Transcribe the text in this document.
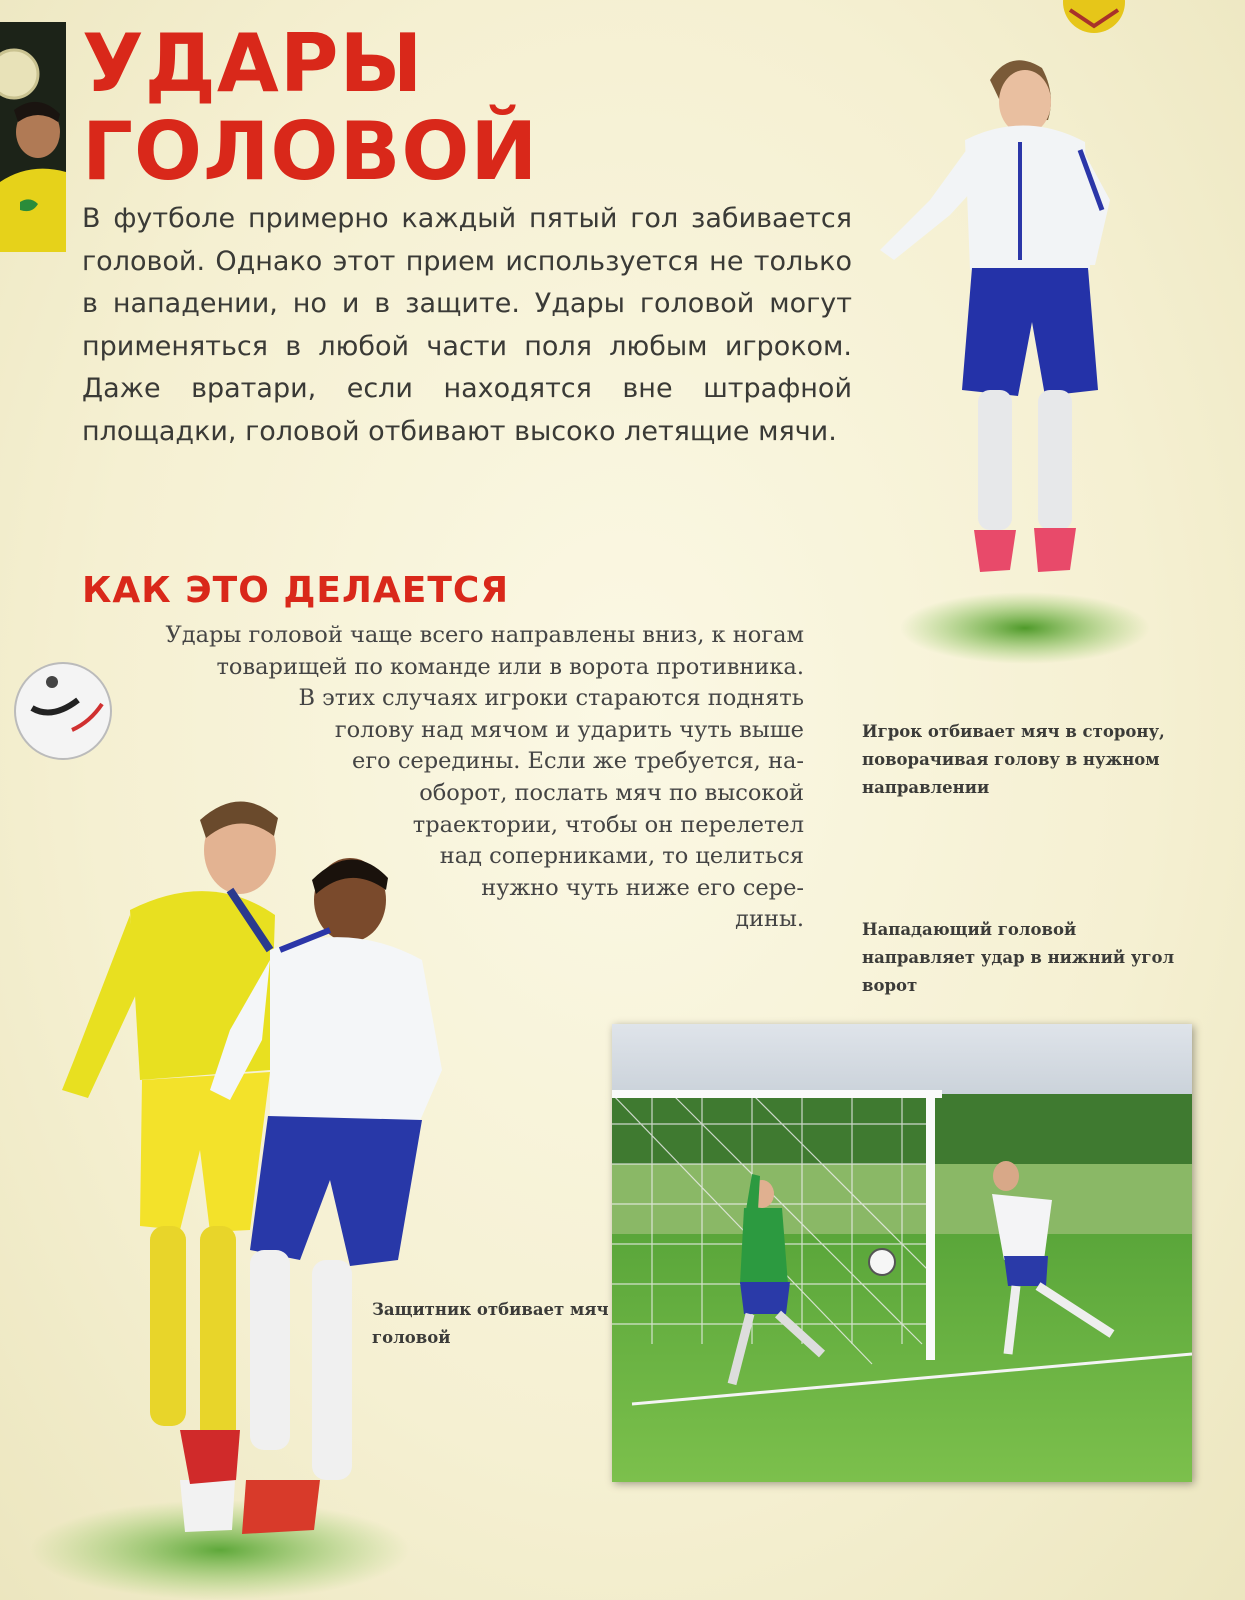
УДАРЫ
ГОЛОВОЙ

В футболе примерно каждый пятый гол забивается головой. Однако этот прием используется не только в нападении, но и в защите. Удары головой могут применяться в любой части поля любым игроком. Даже вратари, если находятся вне штрафной площадки, головой отбивают высоко летящие мячи.

КАК ЭТО ДЕЛАЕТСЯ

Удары головой чаще всего направлены вниз, к ногам
товарищей по команде или в ворота противника.
В этих случаях игроки стараются поднять
голову над мячом и ударить чуть выше
его середины. Если же требуется, на-
оборот, послать мяч по высокой
траектории, чтобы он перелетел
над соперниками, то целиться
нужно чуть ниже его сере-
дины.

Игрок отбивает мяч в сторону, поворачивая голову в нужном направлении

Нападающий головой направляет удар в нижний угол ворот

Защитник отбивает мяч головой
